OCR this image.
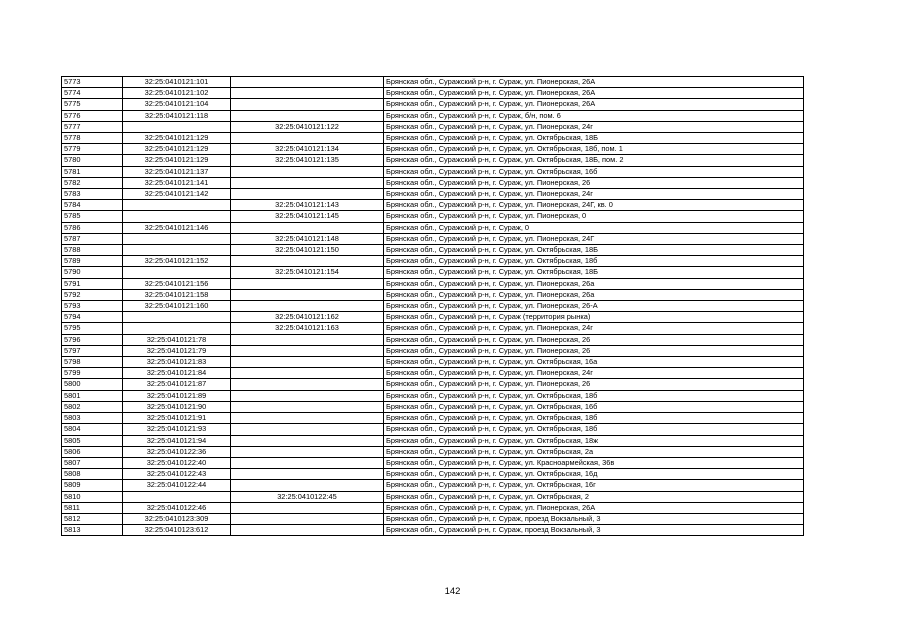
5773	32:25:0410121:101		Брянская обл., Суражский р-н, г. Сураж, ул. Пионерская, 26А
5774	32:25:0410121:102		Брянская обл., Суражский р-н, г. Сураж, ул. Пионерская, 26А
5775	32:25:0410121:104		Брянская обл., Суражский р-н, г. Сураж, ул. Пионерская, 26А
5776	32:25:0410121:118		Брянская обл., Суражский р-н, г. Сураж, б/н, пом. 6
5777		32:25:0410121:122	Брянская обл., Суражский р-н, г. Сураж, ул. Пионерская, 24г
5778	32:25:0410121:129		Брянская обл., Суражский р-н, г. Сураж, ул. Октябрьская, 18Б
5779	32:25:0410121:129	32:25:0410121:134	Брянская обл., Суражский р-н, г. Сураж, ул. Октябрьская, 18б, пом. 1
5780	32:25:0410121:129	32:25:0410121:135	Брянская обл., Суражский р-н, г. Сураж, ул. Октябрьская, 18Б, пом. 2
5781	32:25:0410121:137		Брянская обл., Суражский р-н, г. Сураж, ул. Октябрьская, 16б
5782	32:25:0410121:141		Брянская обл., Суражский р-н, г. Сураж, ул. Пионерская, 26
5783	32:25:0410121:142		Брянская обл., Суражский р-н, г. Сураж, ул. Пионерская, 24г
5784		32:25:0410121:143	Брянская обл., Суражский р-н, г. Сураж, ул. Пионерская, 24Г, кв. 0
5785		32:25:0410121:145	Брянская обл., Суражский р-н, г. Сураж, ул. Пионерская, 0
5786	32:25:0410121:146		Брянская обл., Суражский р-н, г. Сураж, 0
5787		32:25:0410121:148	Брянская обл., Суражский р-н, г. Сураж, ул. Пионерская, 24Г
5788		32:25:0410121:150	Брянская обл., Суражский р-н, г. Сураж, ул. Октябрьская, 18Б
5789	32:25:0410121:152		Брянская обл., Суражский р-н, г. Сураж, ул. Октябрьская, 18б
5790		32:25:0410121:154	Брянская обл., Суражский р-н, г. Сураж, ул. Октябрьская, 18Б
5791	32:25:0410121:156		Брянская обл., Суражский р-н, г. Сураж, ул. Пионерская, 26а
5792	32:25:0410121:158		Брянская обл., Суражский р-н, г. Сураж, ул. Пионерская, 26а
5793	32:25:0410121:160		Брянская обл., Суражский р-н, г. Сураж, ул. Пионерская, 26-А
5794		32:25:0410121:162	Брянская обл., Суражский р-н, г. Сураж (территория рынка)
5795		32:25:0410121:163	Брянская обл., Суражский р-н, г. Сураж, ул. Пионерская, 24г
5796	32:25:0410121:78		Брянская обл., Суражский р-н, г. Сураж, ул. Пионерская, 26
5797	32:25:0410121:79		Брянская обл., Суражский р-н, г. Сураж, ул. Пионерская, 26
5798	32:25:0410121:83		Брянская обл., Суражский р-н, г. Сураж, ул. Октябрьская, 16а
5799	32:25:0410121:84		Брянская обл., Суражский р-н, г. Сураж, ул. Пионерская, 24г
5800	32:25:0410121:87		Брянская обл., Суражский р-н, г. Сураж, ул. Пионерская, 26
5801	32:25:0410121:89		Брянская обл., Суражский р-н, г. Сураж, ул. Октябрьская, 18б
5802	32:25:0410121:90		Брянская обл., Суражский р-н, г. Сураж, ул. Октябрьская, 16б
5803	32:25:0410121:91		Брянская обл., Суражский р-н, г. Сураж, ул. Октябрьская, 18б
5804	32:25:0410121:93		Брянская обл., Суражский р-н, г. Сураж, ул. Октябрьская, 18б
5805	32:25:0410121:94		Брянская обл., Суражский р-н, г. Сураж, ул. Октябрьская, 18ж
5806	32:25:0410122:36		Брянская обл., Суражский р-н, г. Сураж, ул. Октябрьская, 2а
5807	32:25:0410122:40		Брянская обл., Суражский р-н, г. Сураж, ул. Красноармейская, 36в
5808	32:25:0410122:43		Брянская обл., Суражский р-н, г. Сураж, ул. Октябрьская, 16д
5809	32:25:0410122:44		Брянская обл., Суражский р-н, г. Сураж, ул. Октябрьская, 16г
5810		32:25:0410122:45	Брянская обл., Суражский р-н, г. Сураж, ул. Октябрьская, 2
5811	32:25:0410122:46		Брянская обл., Суражский р-н, г. Сураж, ул. Пионерская, 26А
5812	32:25:0410123:309		Брянская обл., Суражский р-н, г. Сураж, проезд Вокзальный, 3
5813	32:25:0410123:612		Брянская обл., Суражский р-н, г. Сураж, проезд Вокзальный, 3
142
